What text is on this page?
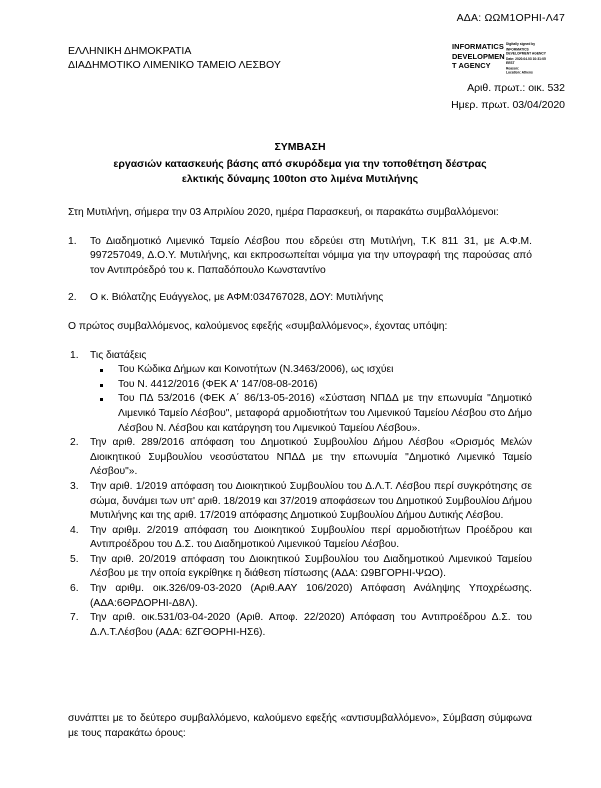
ΑΔΑ: ΩΩΜ1ΟΡΗΙ-Λ47
ΕΛΛΗΝΙΚΗ ΔΗΜΟΚΡΑΤΙΑ
ΔΙΑΔΗΜΟΤΙΚΟ ΛΙΜΕΝΙΚΟ ΤΑΜΕΙΟ ΛΕΣΒΟΥ
INFORMATICS
DEVELOPMEN
T AGENCY
Digitally signed by
INFORMATICS
DEVELOPMENT AGENCY
Date: 2020.04.03 10:31:05
EEST
Reason:
Location: Athens
Αριθ. πρωτ.: οικ. 532
Ημερ. πρωτ. 03/04/2020
ΣΥΜΒΑΣΗ
εργασιών κατασκευής βάσης από σκυρόδεμα για την τοποθέτηση δέστρας
ελκτικής δύναμης 100ton στο λιμένα Μυτιλήνης

Στη Μυτιλήνη, σήμερα την 03 Απριλίου 2020, ημέρα Παρασκευή, οι παρακάτω συμβαλλόμενοι:

Το Διαδημοτικό Λιμενικό Ταμείο Λέσβου που εδρεύει στη Μυτιλήνη, Τ.Κ 811 31, με Α.Φ.Μ. 997257049, Δ.Ο.Υ. Μυτιλήνης, και εκπροσωπείται νόμιμα για την υπογραφή της παρούσας από τον Αντιπρόεδρό του κ. Παπαδόπουλο Κωνσταντίνο
Ο κ. Βιόλατζης Ευάγγελος, με ΑΦΜ:034767028, ΔΟΥ: Μυτιλήνης

Ο πρώτος συμβαλλόμενος, καλούμενος εφεξής «συμβαλλόμενος», έχοντας υπόψη:

Τις διατάξεις
Του Κώδικα Δήμων και Κοινοτήτων (Ν.3463/2006), ως ισχύει
Του Ν. 4412/2016 (ΦΕΚ Α' 147/08-08-2016)
Του ΠΔ 53/2016 (ΦΕΚ Α΄ 86/13-05-2016) «Σύσταση ΝΠΔΔ με την επωνυμία "Δημοτικό Λιμενικό Ταμείο Λέσβου", μεταφορά αρμοδιοτήτων του Λιμενικού Ταμείου Λέσβου στο Δήμο Λέσβου Ν. Λέσβου και κατάργηση του Λιμενικού Ταμείου Λέσβου».
Την αριθ. 289/2016 απόφαση του Δημοτικού Συμβουλίου Δήμου Λέσβου «Ορισμός Μελών Διοικητικού Συμβουλίου νεοσύστατου ΝΠΔΔ με την επωνυμία "Δημοτικό Λιμενικό Ταμείο Λέσβου"».
Την αριθ. 1/2019 απόφαση του Διοικητικού Συμβουλίου του Δ.Λ.Τ. Λέσβου περί συγκρότησης σε σώμα, δυνάμει των υπ' αριθ. 18/2019 και 37/2019 αποφάσεων του Δημοτικού Συμβουλίου Δήμου Μυτιλήνης και της αριθ. 17/2019 απόφασης Δημοτικού Συμβουλίου Δήμου Δυτικής Λέσβου.
Την αριθμ. 2/2019 απόφαση του Διοικητικού Συμβουλίου περί αρμοδιοτήτων Προέδρου και Αντιπροέδρου του Δ.Σ. του Διαδημοτικού Λιμενικού Ταμείου Λέσβου.
Την αριθ. 20/2019 απόφαση του Διοικητικού Συμβουλίου του Διαδημοτικού Λιμενικού Ταμείου Λέσβου με την οποία εγκρίθηκε η διάθεση πίστωσης (ΑΔΑ: Ω9ΒΓΟΡΗΙ-ΨΩΟ).
Την αριθμ. οικ.326/09-03-2020 (Αριθ.ΑΑΥ 106/2020) Απόφαση Ανάληψης Υποχρέωσης. (ΑΔΑ:6ΘΡΔΟΡΗΙ-Δ8Λ).
Την αριθ. οικ.531/03-04-2020 (Αριθ. Αποφ. 22/2020) Απόφαση του Αντιπροέδρου Δ.Σ. του Δ.Λ.Τ.Λέσβου (ΑΔΑ: 6ΖΓΘΟΡΗΙ-ΗΣ6).
συνάπτει με το δεύτερο συμβαλλόμενο, καλούμενο εφεξής «αντισυμβαλλόμενο», Σύμβαση σύμφωνα με τους παρακάτω όρους:
